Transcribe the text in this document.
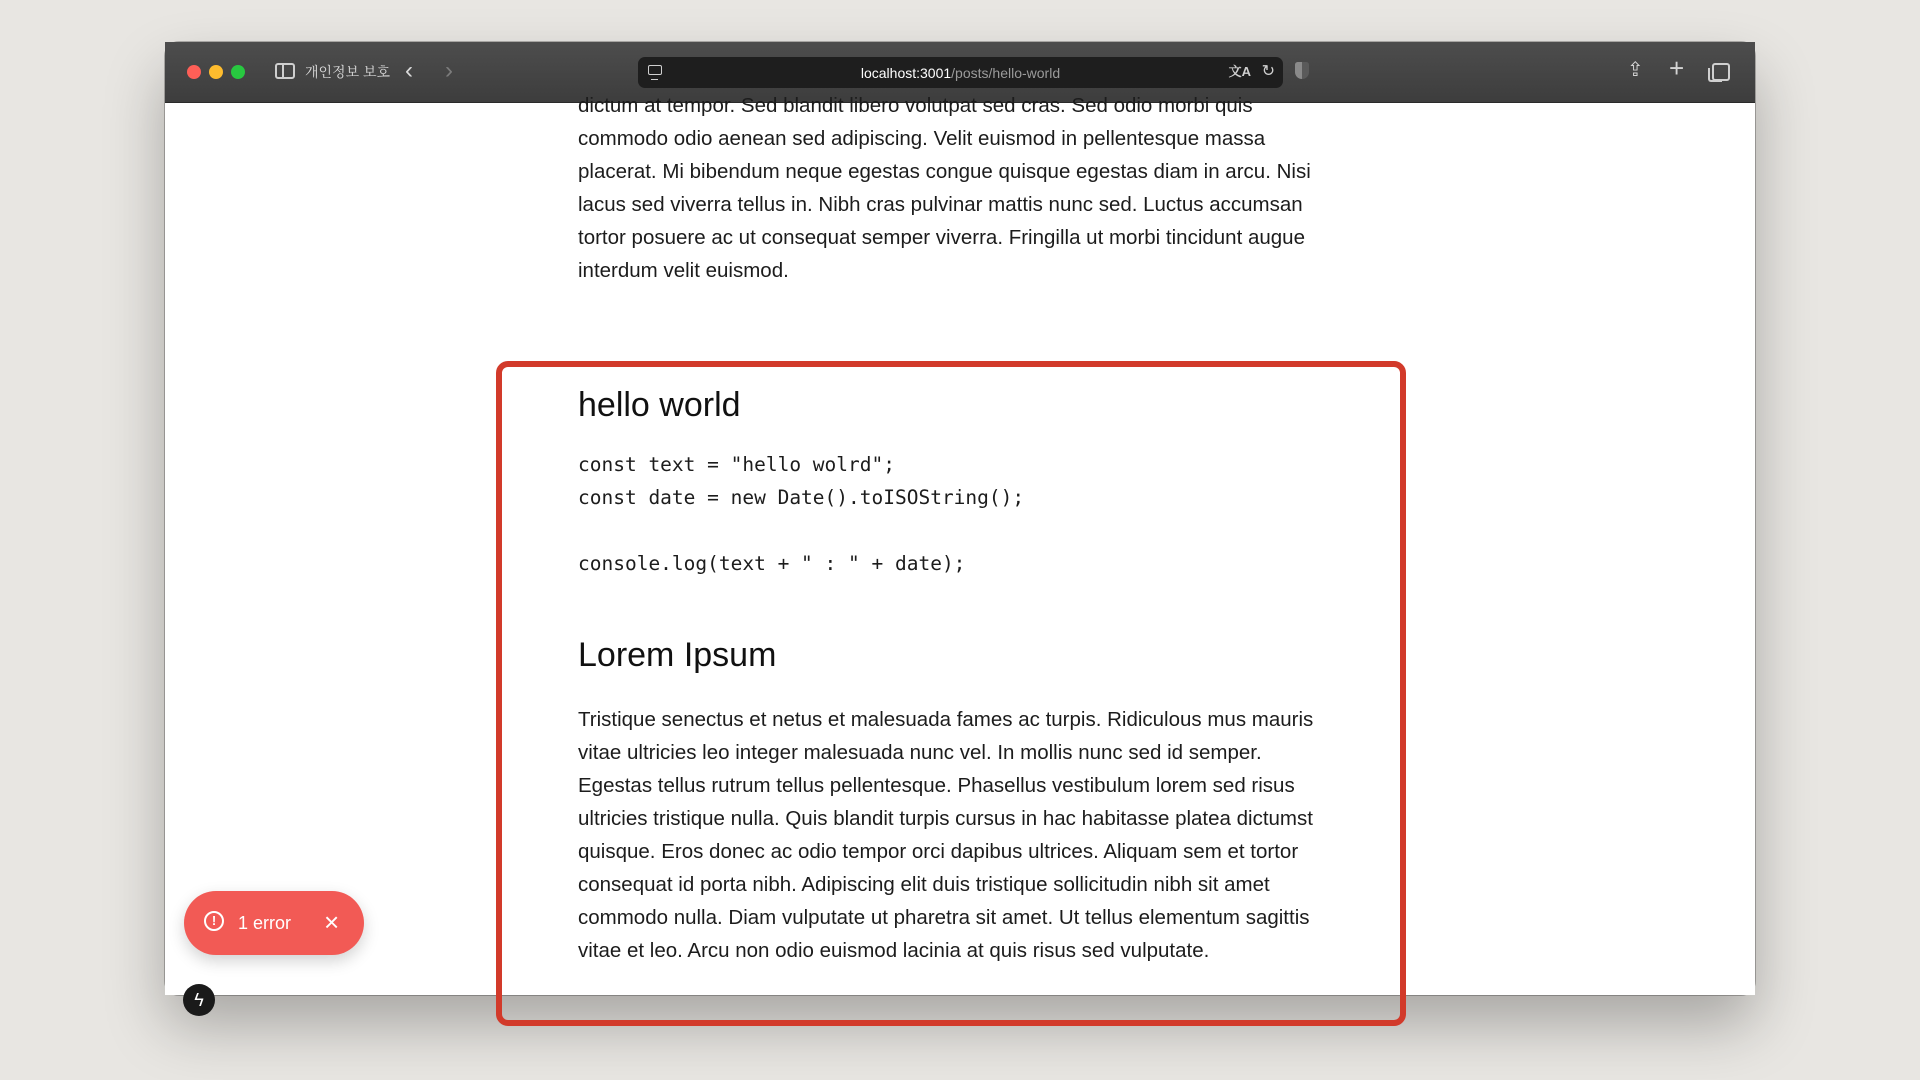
개인정보 보호 ‹ ›	localhost:3001/posts/hello-world	文A ↻	⇪ +

dictum at tempor. Sed blandit libero volutpat sed cras. Sed odio morbi quis commodo odio aenean sed adipiscing. Velit euismod in pellentesque massa placerat. Mi bibendum neque egestas congue quisque egestas diam in arcu. Nisi lacus sed viverra tellus in. Nibh cras pulvinar mattis nunc sed. Luctus accumsan tortor posuere ac ut consequat semper viverra. Fringilla ut morbi tincidunt augue interdum velit euismod.

hello world
const text = "hello wolrd";
const date = new Date().toISOString();

console.log(text + " : " + date);
Lorem Ipsum

Tristique senectus et netus et malesuada fames ac turpis. Ridiculous mus mauris vitae ultricies leo integer malesuada nunc vel. In mollis nunc sed id semper. Egestas tellus rutrum tellus pellentesque. Phasellus vestibulum lorem sed risus ultricies tristique nulla. Quis blandit turpis cursus in hac habitasse platea dictumst quisque. Eros donec ac odio tempor orci dapibus ultrices. Aliquam sem et tortor consequat id porta nibh. Adipiscing elit duis tristique sollicitudin nibh sit amet commodo nulla. Diam vulputate ut pharetra sit amet. Ut tellus elementum sagittis vitae et leo. Arcu non odio euismod lacinia at quis risus sed vulputate.

!	1 error ×
ϟ
